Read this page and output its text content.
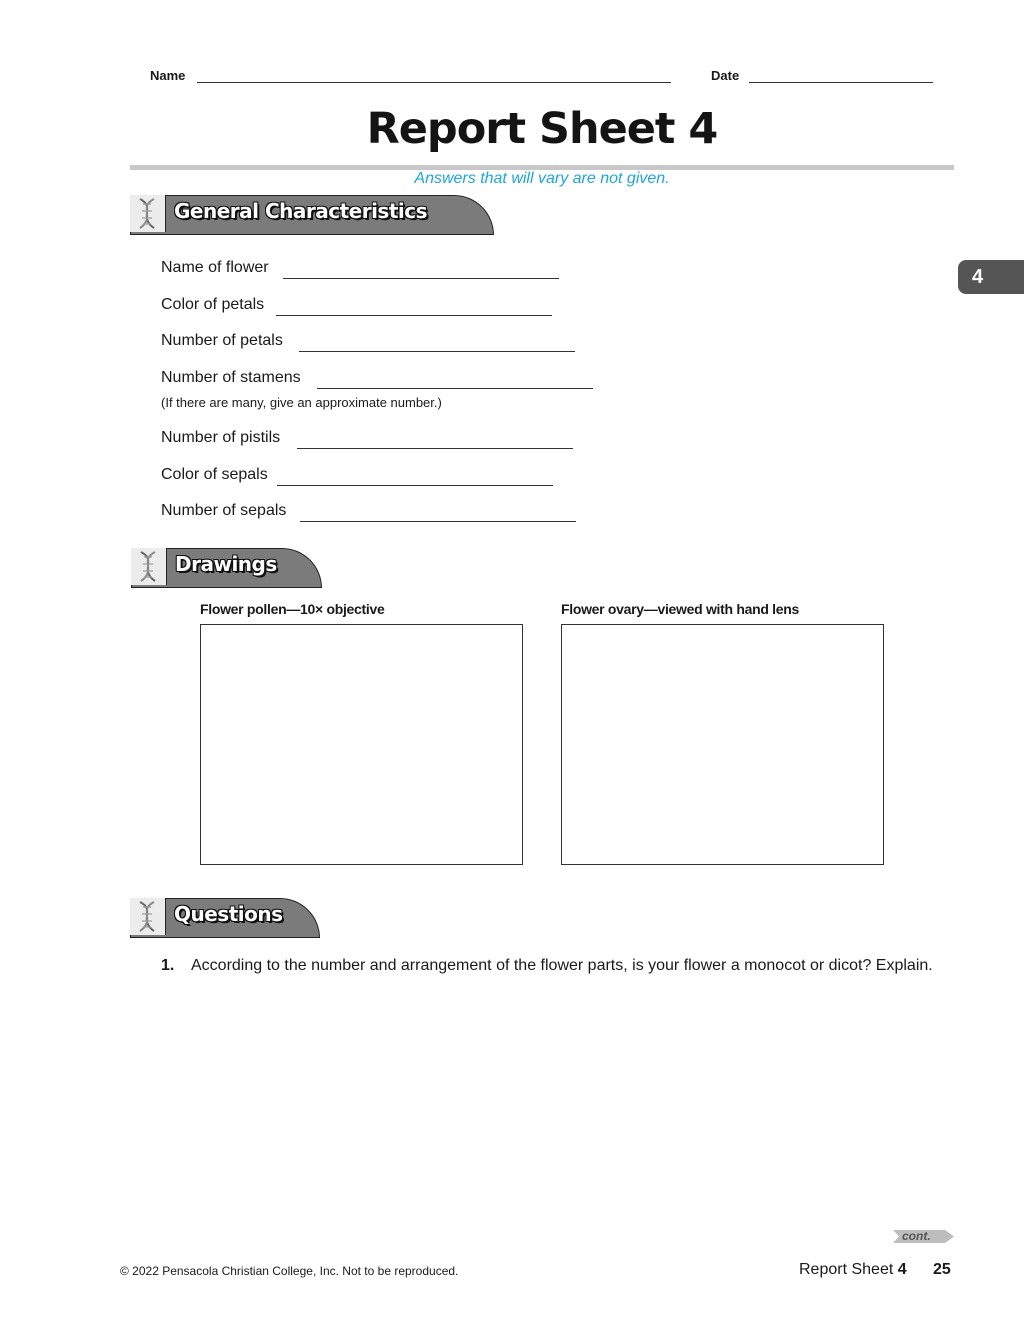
Name	Date
Report Sheet 4
Answers that will vary are not given.
4
General Characteristics
Name of flower
Color of petals
Number of petals
Number of stamens
(If there are many, give an approximate number.)
Number of pistils
Color of sepals
Number of sepals
Drawings
Flower pollen—10× objective	Flower ovary—viewed with hand lens
Questions
1. According to the number and arrangement of the flower parts, is your flower a monocot or dicot? Explain.
cont.
© 2022 Pensacola Christian College, Inc. Not to be reproduced.	Report Sheet 4 25
